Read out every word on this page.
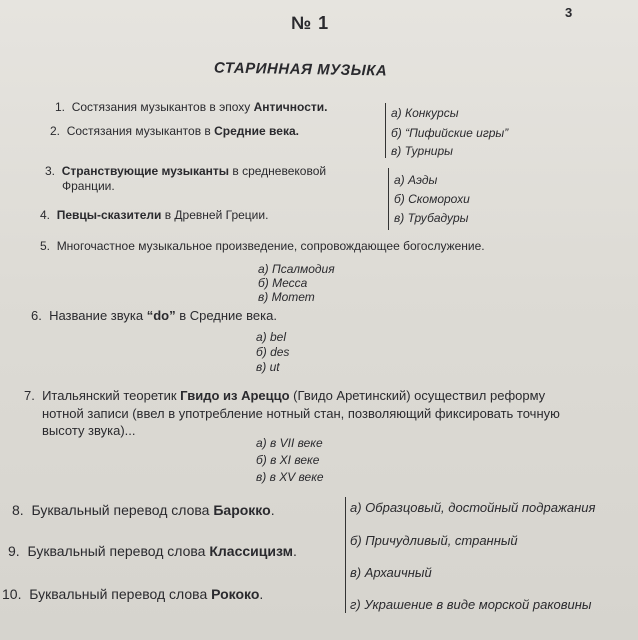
3
№ 1
СТАРИННАЯ МУЗЫКА
1. Состязания музыкантов в эпоху Античности.
2. Состязания музыкантов в Средние века.
а) Конкурсы
б) “Пифийские игры”
в) Турниры
3. Странствующие музыканты в средневековой
Франции.
4. Певцы-сказители в Древней Греции.
а) Аэды
б) Скоморохи
в) Трубадуры
5. Многочастное музыкальное произведение, сопровождающее богослужение.
а) Псалмодия
б) Месса
в) Мотет
6. Название звука “do” в Средние века.
а) bel
б) des
в) ut
7. Итальянский теоретик Гвидо из Ареццо (Гвидо Аретинский) осуществил реформу
нотной записи (ввел в употребление нотный стан, позволяющий фиксировать точную
высоту звука)...
а) в VII веке
б) в XI веке
в) в XV веке
8. Буквальный перевод слова Барокко.
9. Буквальный перевод слова Классицизм.
10. Буквальный перевод слова Рококо.
а) Образцовый, достойный подражания
б) Причудливый, странный
в) Архаичный
г) Украшение в виде морской раковины
